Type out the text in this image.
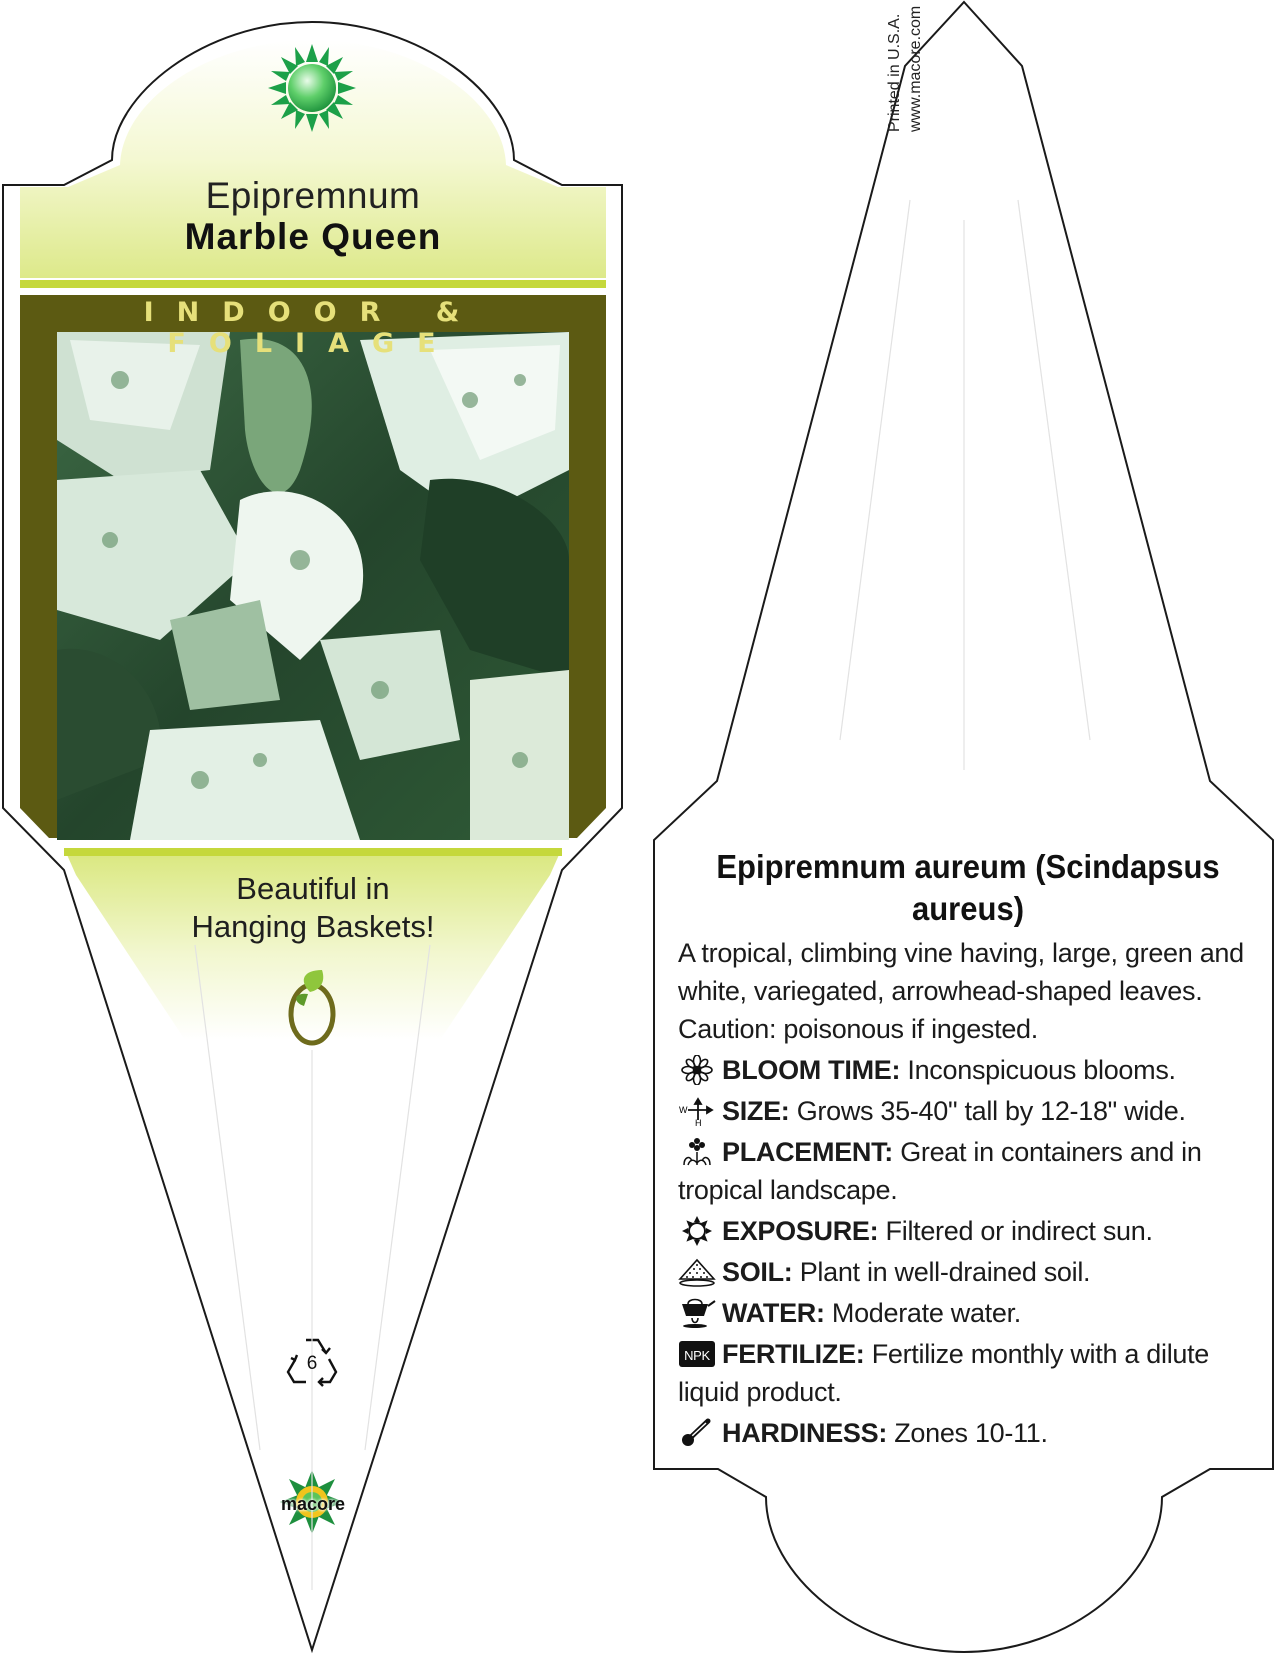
Epipremnum
Marble Queen
INDOOR & FOLIAGE
Beautiful in
Hanging Baskets!
6
macore
Printed in U.S.A. www.macore.com
Epipremnum aureum (Scindapsus aureus)
A tropical, climbing vine having, large, green and white, variegated, arrowhead-shaped leaves. Caution: poisonous if ingested.
BLOOM TIME: Inconspicuous blooms.
W
H SIZE: Grows 35-40" tall by 12-18" wide.
PLACEMENT: Great in containers and in tropical landscape.
EXPOSURE: Filtered or indirect sun.
SOIL: Plant in well-drained soil.
WATER: Moderate water.
NPK FERTILIZE: Fertilize monthly with a dilute liquid product.
HARDINESS: Zones 10-11.
